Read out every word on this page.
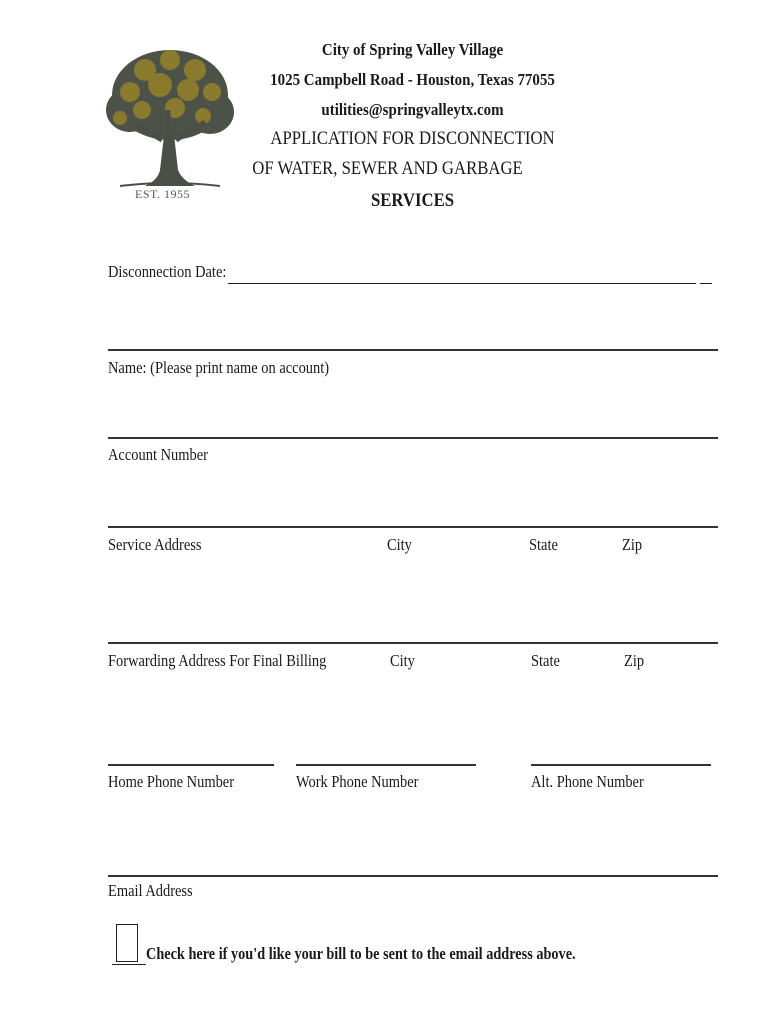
EST. 1955
City of Spring Valley Village
1025 Campbell Road - Houston, Texas 77055
utilities@springvalleytx.com
APPLICATION FOR DISCONNECTION
OF WATER, SEWER AND GARBAGE
SERVICES
Disconnection Date:
Name: (Please print name on account)
Account Number
Service Address	City	State	Zip
Forwarding Address For Final Billing	City	State	Zip
Home Phone Number	Work Phone Number	Alt. Phone Number
Email Address
Check here if you'd like your bill to be sent to the email address above.
